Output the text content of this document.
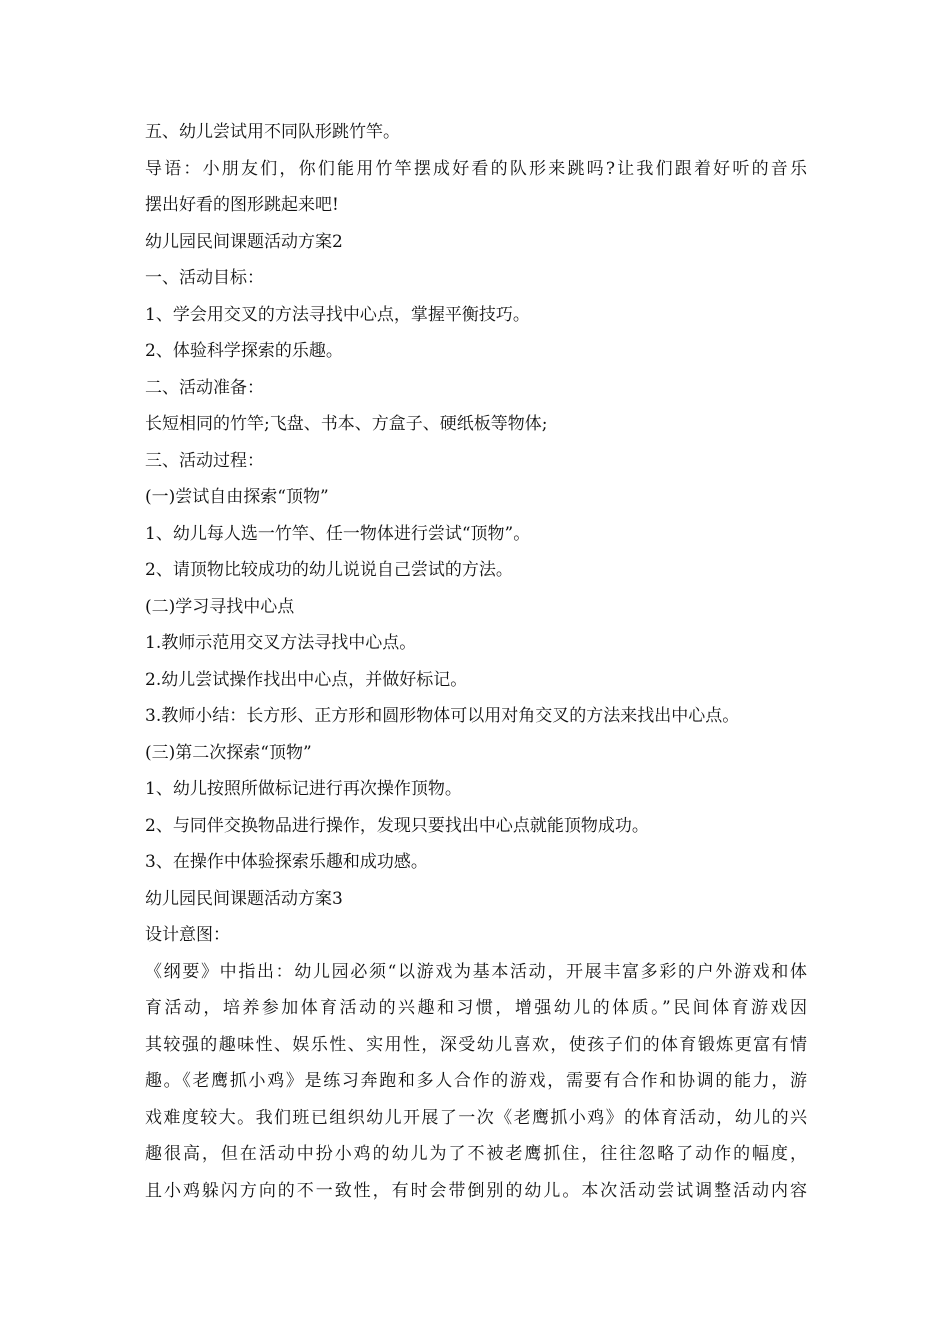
五、幼儿尝试用不同队形跳竹竿。
导语：小朋友们，你们能用竹竿摆成好看的队形来跳吗?让我们跟着好听的音乐
摆出好看的图形跳起来吧!
幼儿园民间课题活动方案2
一、活动目标：
1、学会用交叉的方法寻找中心点，掌握平衡技巧。
2、体验科学探索的乐趣。
二、活动准备：
长短相同的竹竿;飞盘、书本、方盒子、硬纸板等物体;
三、活动过程：
(一)尝试自由探索“顶物”
1、幼儿每人选一竹竿、任一物体进行尝试“顶物”。
2、请顶物比较成功的幼儿说说自己尝试的方法。
(二)学习寻找中心点
1.教师示范用交叉方法寻找中心点。
2.幼儿尝试操作找出中心点，并做好标记。
3.教师小结：长方形、正方形和圆形物体可以用对角交叉的方法来找出中心点。
(三)第二次探索“顶物”
1、幼儿按照所做标记进行再次操作顶物。
2、与同伴交换物品进行操作，发现只要找出中心点就能顶物成功。
3、在操作中体验探索乐趣和成功感。
幼儿园民间课题活动方案3
设计意图：
《纲要》中指出：幼儿园必须“以游戏为基本活动，开展丰富多彩的户外游戏和体
育活动，培养参加体育活动的兴趣和习惯，增强幼儿的体质。”民间体育游戏因
其较强的趣味性、娱乐性、实用性，深受幼儿喜欢，使孩子们的体育锻炼更富有情
趣。《老鹰抓小鸡》是练习奔跑和多人合作的游戏，需要有合作和协调的能力，游
戏难度较大。我们班已组织幼儿开展了一次《老鹰抓小鸡》的体育活动，幼儿的兴
趣很高，但在活动中扮小鸡的幼儿为了不被老鹰抓住，往往忽略了动作的幅度，
且小鸡躲闪方向的不一致性，有时会带倒别的幼儿。本次活动尝试调整活动内容
